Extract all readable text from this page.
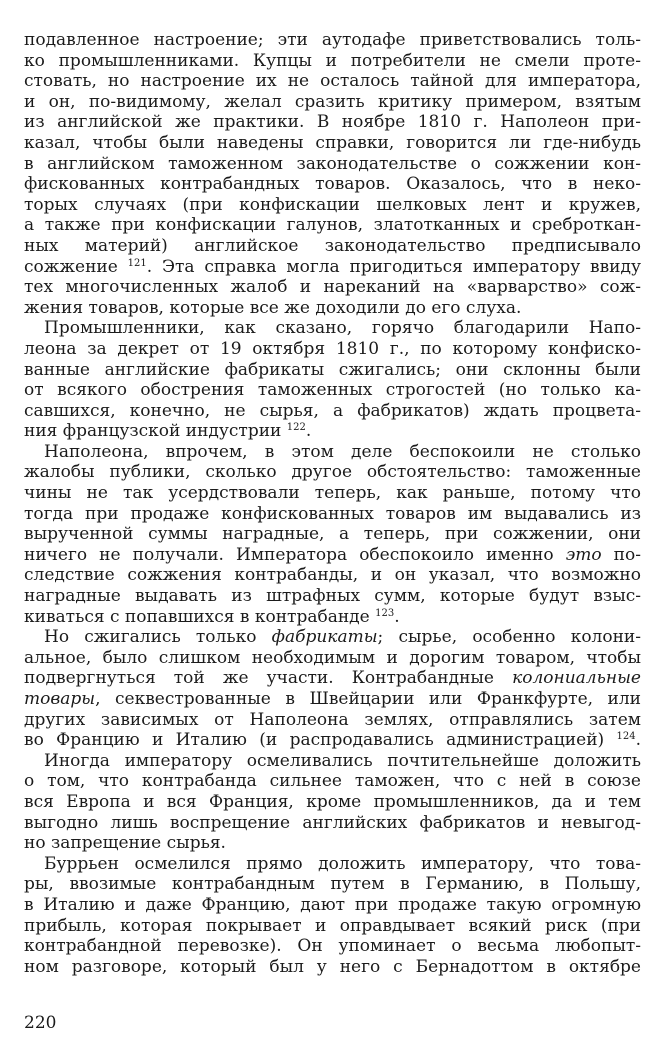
подавленное настроение; эти аутодафе приветствовались толь-
ко промышленниками. Купцы и потребители не смели проте-
стовать, но настроение их не осталось тайной для императора,
и он, по-видимому, желал сразить критику примером, взятым
из английской же практики. В ноябре 1810 г. Наполеон при-
казал, чтобы были наведены справки, говорится ли где-нибудь
в английском таможенном законодательстве о сожжении кон-
фискованных контрабандных товаров. Оказалось, что в неко-
торых случаях (при конфискации шелковых лент и кружев,
а также при конфискации галунов, златотканных и среброткан-
ных материй) английское законодательство предписывало
сожжение $^{121}$. Эта справка могла пригодиться императору ввиду
тех многочисленных жалоб и нареканий на «варварство» сож-
жения товаров, которые все же доходили до его слуха.
Промышленники, как сказано, горячо благодарили Напо-
леона за декрет от 19 октября 1810 г., по которому конфиско-
ванные английские фабрикаты сжигались; они склонны были
от всякого обострения таможенных строгостей (но только ка-
савшихся, конечно, не сырья, а фабрикатов) ждать процвета-
ния французской индустрии $^{122}$.
Наполеона, впрочем, в этом деле беспокоили не столько
жалобы публики, сколько другое обстоятельство: таможенные
чины не так усердствовали теперь, как раньше, потому что
тогда при продаже конфискованных товаров им выдавались из
вырученной суммы наградные, а теперь, при сожжении, они
ничего не получали. Императора обеспокоило именно это по-
следствие сожжения контрабанды, и он указал, что возможно
наградные выдавать из штрафных сумм, которые будут взыс-
киваться с попавшихся в контрабанде $^{123}$.
Но сжигались только фабрикаты; сырье, особенно колони-
альное, было слишком необходимым и дорогим товаром, чтобы
подвергнуться той же участи. Контрабандные колониальные
товары, секвестрованные в Швейцарии или Франкфурте, или
других зависимых от Наполеона землях, отправлялись затем
во Францию и Италию (и распродавались администрацией) $^{124}$.
Иногда императору осмеливались почтительнейше доложить
о том, что контрабанда сильнее таможен, что с ней в союзе
вся Европа и вся Франция, кроме промышленников, да и тем
выгодно лишь воспрещение английских фабрикатов и невыгод-
но запрещение сырья.
Буррьен осмелился прямо доложить императору, что това-
ры, ввозимые контрабандным путем в Германию, в Польшу,
в Италию и даже Францию, дают при продаже такую огромную
прибыль, которая покрывает и оправдывает всякий риск (при
контрабандной перевозке). Он упоминает о весьма любопыт-
ном разговоре, который был у него с Бернадоттом в октябре
220
